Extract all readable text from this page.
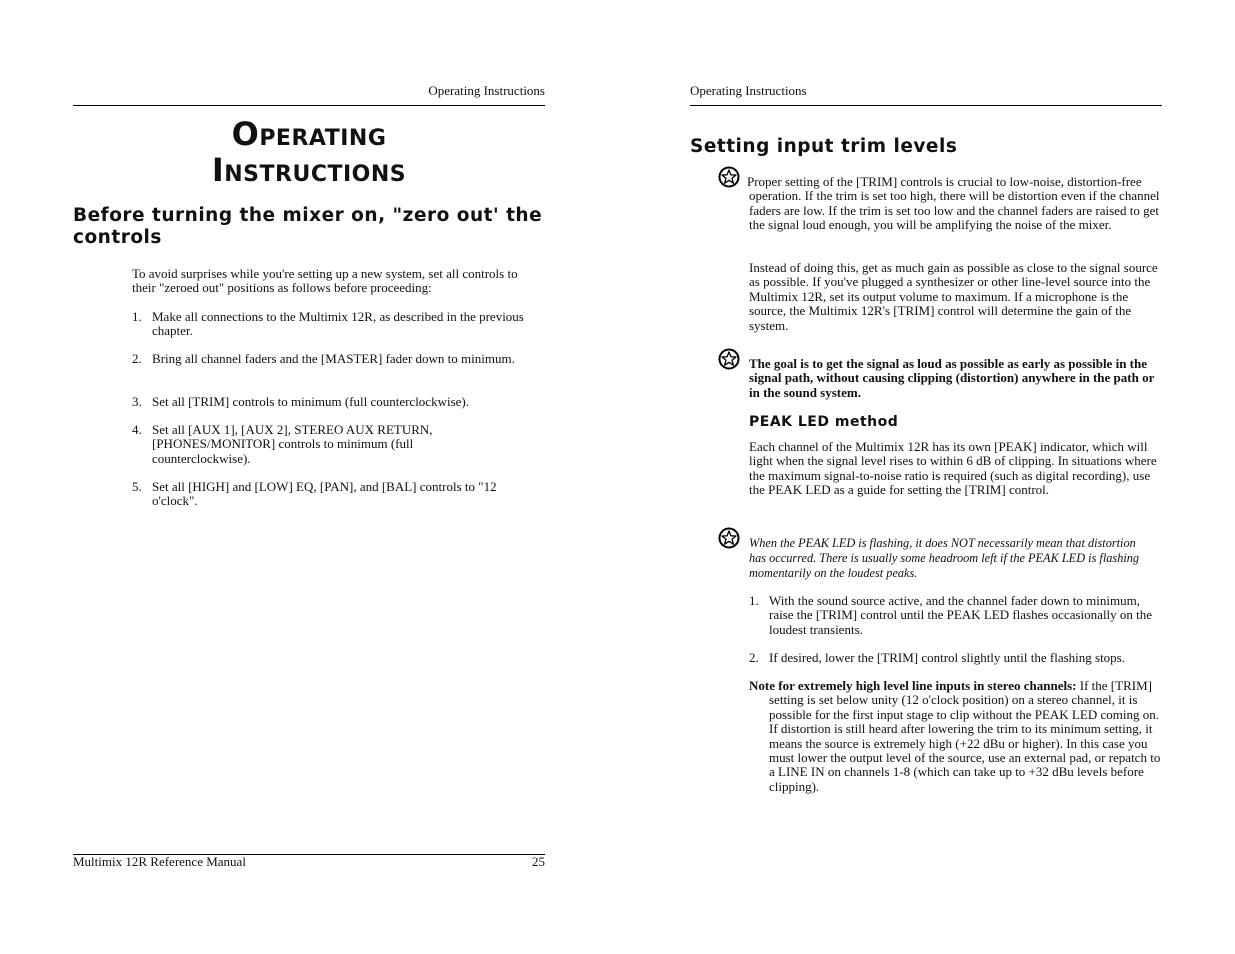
Operating Instructions
Operating
Instructions
Before turning the mixer on, "zero out' the controls
To avoid surprises while you're setting up a new system, set all controls to their "zeroed out" positions as follows before proceeding:
1. Make all connections to the Multimix 12R, as described in the previous chapter.
2. Bring all channel faders and the [MASTER] fader down to minimum.
3. Set all [TRIM] controls to minimum (full counterclockwise).
4. Set all [AUX 1], [AUX 2], STEREO AUX RETURN, [PHONES/MONITOR] controls to minimum (full counterclockwise).
5. Set all [HIGH] and [LOW] EQ, [PAN], and [BAL] controls to "12 o'clock".
Multimix 12R Reference Manual	25
Operating Instructions
Setting input trim levels
Proper setting of the [TRIM] controls is crucial to low-noise, distortion-free operation. If the trim is set too high, there will be distortion even if the channel faders are low. If the trim is set too low and the channel faders are raised to get the signal loud enough, you will be amplifying the noise of the mixer.
Instead of doing this, get as much gain as possible as close to the signal source as possible. If you've plugged a synthesizer or other line-level source into the Multimix 12R, set its output volume to maximum. If a microphone is the source, the Multimix 12R's [TRIM] control will determine the gain of the system.
The goal is to get the signal as loud as possible as early as possible in the signal path, without causing clipping (distortion) anywhere in the path or in the sound system.
PEAK LED method
Each channel of the Multimix 12R has its own [PEAK] indicator, which will light when the signal level rises to within 6 dB of clipping. In situations where the maximum signal-to-noise ratio is required (such as digital recording), use the PEAK LED as a guide for setting the [TRIM] control.
When the PEAK LED is flashing, it does NOT necessarily mean that distortion has occurred. There is usually some headroom left if the PEAK LED is flashing momentarily on the loudest peaks.
1. With the sound source active, and the channel fader down to minimum, raise the [TRIM] control until the PEAK LED flashes occasionally on the loudest transients.
2. If desired, lower the [TRIM] control slightly until the flashing stops.
Note for extremely high level line inputs in stereo channels: If the [TRIM] setting is set below unity (12 o'clock position) on a stereo channel, it is possible for the first input stage to clip without the PEAK LED coming on. If distortion is still heard after lowering the trim to its minimum setting, it means the source is extremely high (+22 dBu or higher). In this case you must lower the output level of the source, use an external pad, or repatch to a LINE IN on channels 1-8 (which can take up to +32 dBu levels before clipping).
